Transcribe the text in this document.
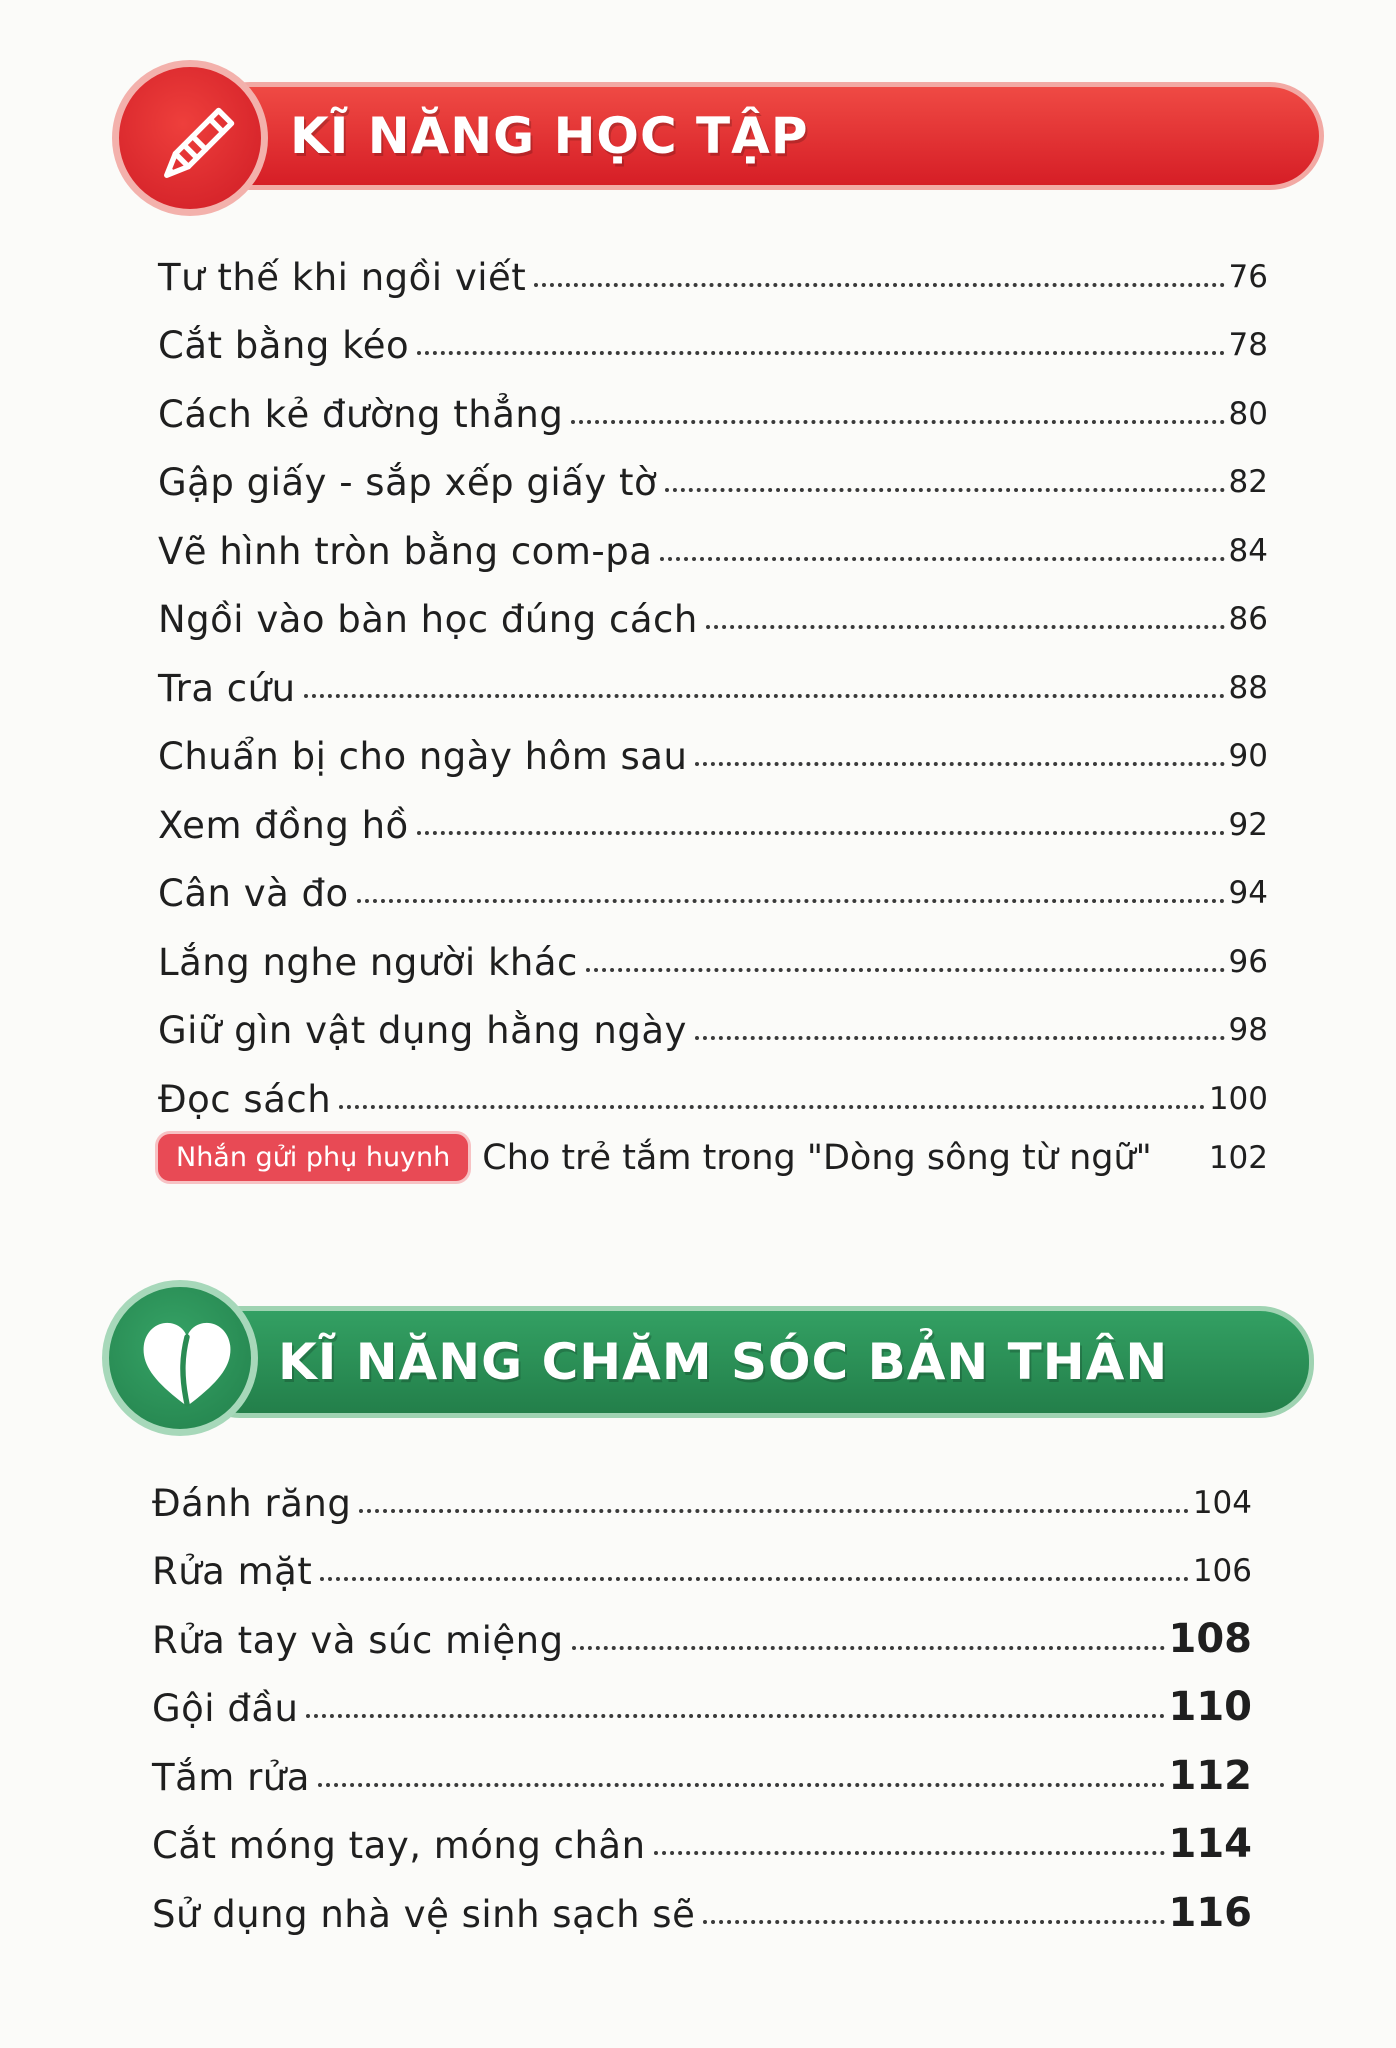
KĨ NĂNG HỌC TẬP
Tư thế khi ngồi viết	76
Cắt bằng kéo	78
Cách kẻ đường thẳng	80
Gập giấy - sắp xếp giấy tờ	82
Vẽ hình tròn bằng com-pa	84
Ngồi vào bàn học đúng cách	86
Tra cứu	88
Chuẩn bị cho ngày hôm sau	90
Xem đồng hồ	92
Cân và đo	94
Lắng nghe người khác	96
Giữ gìn vật dụng hằng ngày	98
Đọc sách	100
Nhắn gửi phụ huynh Cho trẻ tắm trong "Dòng sông từ ngữ" 102
KĨ NĂNG CHĂM SÓC BẢN THÂN
Đánh răng	104
Rửa mặt	106
Rửa tay và súc miệng	108
Gội đầu	110
Tắm rửa	112
Cắt móng tay, móng chân	114
Sử dụng nhà vệ sinh sạch sẽ	116
